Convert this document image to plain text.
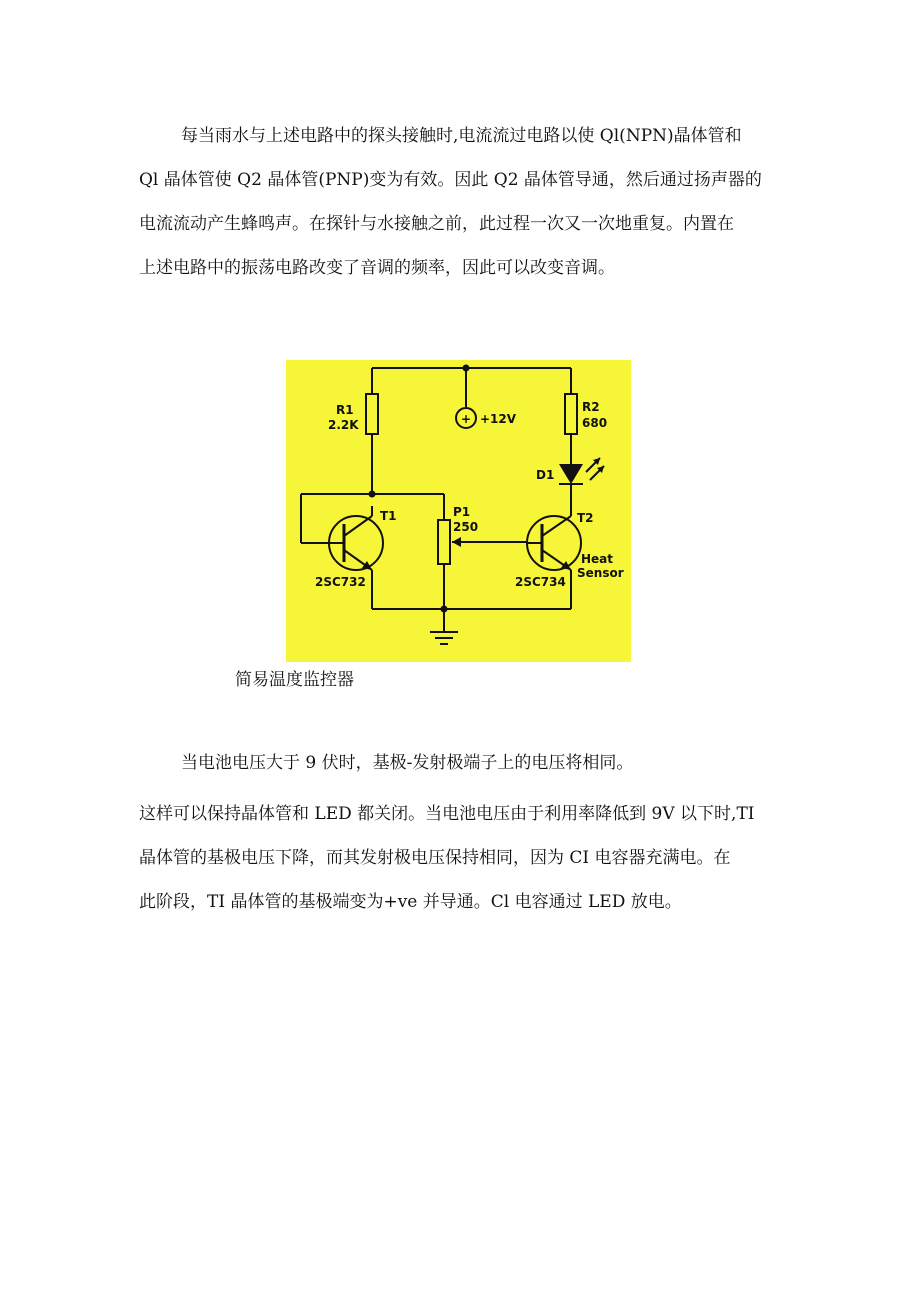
每当雨水与上述电路中的探头接触时,电流流过电路以使 Ql(NPN)晶体管和
Ql 晶体管使 Q2 晶体管(PNP)变为有效。因此 Q2 晶体管导通，然后通过扬声器的
电流流动产生蜂鸣声。在探针与水接触之前，此过程一次又一次地重复。内置在
上述电路中的振荡电路改变了音调的频率，因此可以改变音调。
+
R1
2.2K	+12V
R2
680
D1
T1
2SC732
P1
250
T2
2SC734
Heat
Sensor
简易温度监控器
当电池电压大于 9 伏时，基极-发射极端子上的电压将相同。
这样可以保持晶体管和 LED 都关闭。当电池电压由于利用率降低到 9V 以下时,TI
晶体管的基极电压下降，而其发射极电压保持相同，因为 CI 电容器充满电。在
此阶段，TI 晶体管的基极端变为+ve 并导通。Cl 电容通过 LED 放电。
